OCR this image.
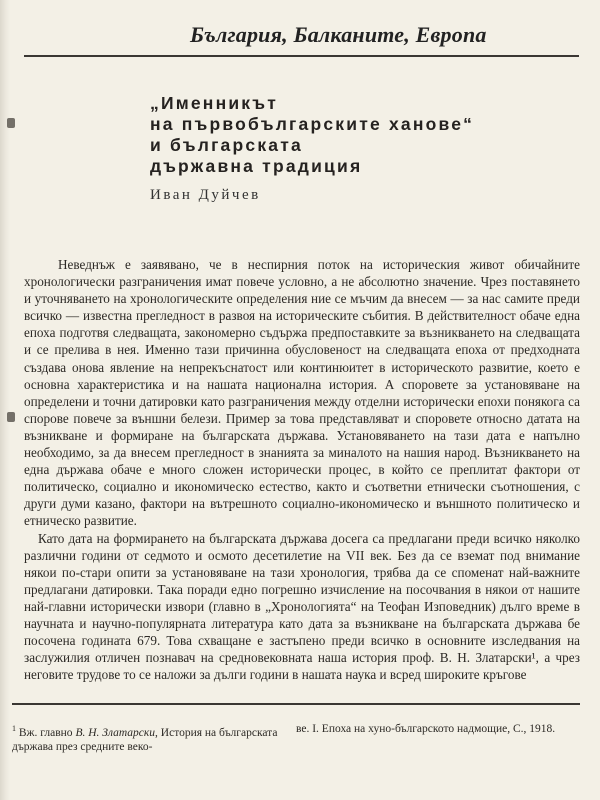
България, Балканите, Европа
„Именникът
на първобългарските ханове“
и българската
държавна традиция
Иван Дуйчев

Неведнъж е заявявано, че в неспирния поток на историческия живот обичайните хронологически разграничения имат повече условно, а не абсолютно значение. Чрез поставянето и уточняването на хронологическите определения ние се мъчим да внесем — за нас самите преди всичко — известна прегледност в развоя на историческите събития. В действителност обаче една епоха подготвя следващата, закономерно съдържа предпоставките за възникването на следващата и се прелива в нея. Именно тази причинна обусловеност на следващата епоха от предходната създава онова явление на непрекъснатост или континюитет в историческото развитие, което е основна характеристика и на нашата национална история. А споровете за установяване на определени и точни датировки като разграничения между отделни исторически епохи понякога са спорове повече за външни белези. Пример за това представляват и споровете относно датата на възникване и формиране на българската държава. Установяването на тази дата е напълно необходимо, за да внесем прегледност в знанията за миналото на нашия народ. Възникването на една държава обаче е много сложен исторически процес, в който се преплитат фактори от политическо, социално и икономическо естество, както и съответни етнически съотношения, с други думи казано, фактори на вътрешното социално-икономическо и външното политическо и етническо развитие.

Като дата на формирането на българската държава досега са предлагани преди всичко няколко различни години от седмото и осмото десетилетие на VII век. Без да се вземат под внимание някои по-стари опити за установяване на тази хронология, трябва да се споменат най-важните предлагани датировки. Така поради едно погрешно изчисление на посочвания в някои от нашите най-главни исторически извори (главно в „Хронологията“ на Теофан Изповедник) дълго време в научната и научно-популярната литература като дата за възникване на българската държава бе посочена годината 679. Това схващане е застъпено преди всичко в основните изследвания на заслужилия отличен познавач на средновековната наша история проф. В. Н. Златарски¹, а чрез неговите трудове то се наложи за дълги години в нашата наука и всред широките кръгове

$^1$ Вж. главно В. Н. Златарски, История на българската държава през средните веко-
ве. I. Епоха на хуно-българското надмощие, С., 1918.
